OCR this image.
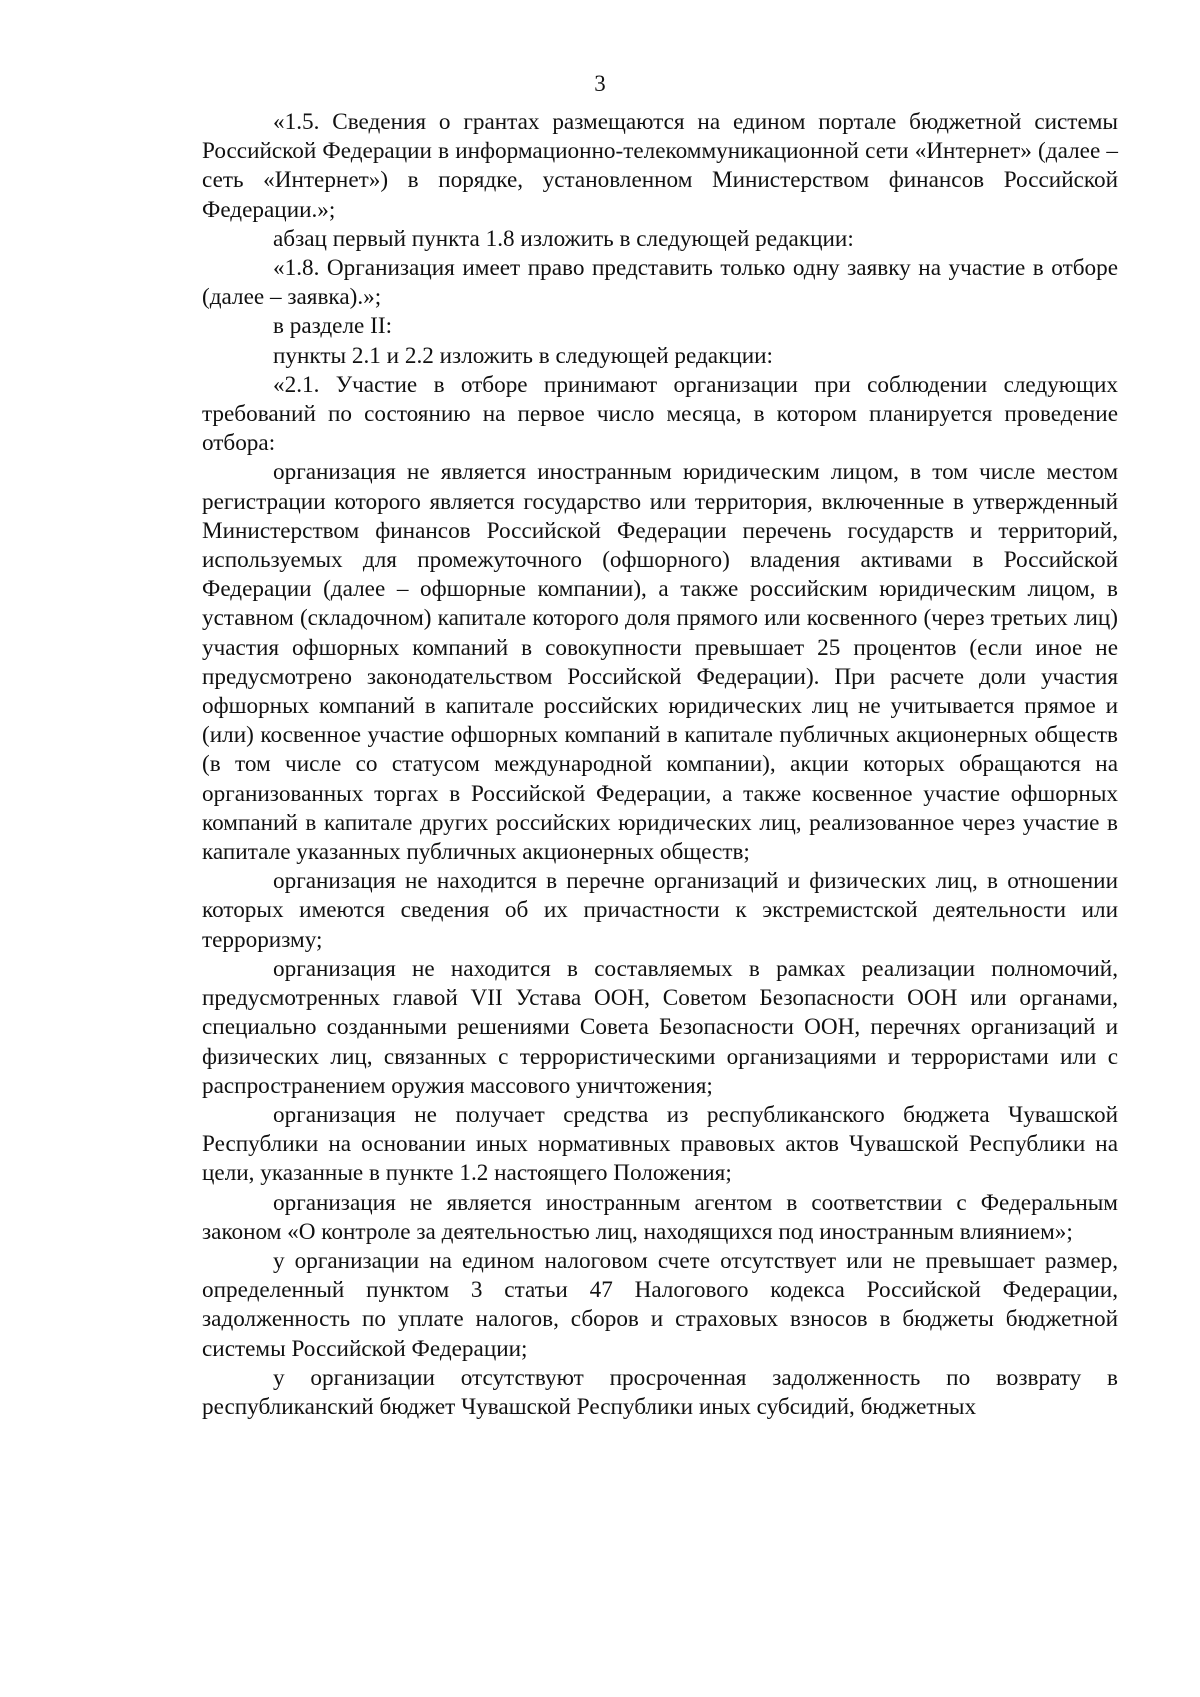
3

«1.5. Сведения о грантах размещаются на едином портале бюджетной системы Российской Федерации в информационно-телекоммуникационной сети «Интернет» (далее – сеть «Интернет») в порядке, установленном Министерством финансов Российской Федерации.»;

абзац первый пункта 1.8 изложить в следующей редакции:

«1.8. Организация имеет право представить только одну заявку на участие в отборе (далее – заявка).»;

в разделе II:

пункты 2.1 и 2.2 изложить в следующей редакции:

«2.1. Участие в отборе принимают организации при соблюдении следующих требований по состоянию на первое число месяца, в котором планируется проведение отбора:

организация не является иностранным юридическим лицом, в том числе местом регистрации которого является государство или территория, включенные в утвержденный Министерством финансов Российской Федерации перечень государств и территорий, используемых для промежуточного (офшорного) владения активами в Российской Федерации (далее – офшорные компании), а также российским юридическим лицом, в уставном (складочном) капитале которого доля прямого или косвенного (через третьих лиц) участия офшорных компаний в совокупности превышает 25 процентов (если иное не предусмотрено законодательством Российской Федерации). При расчете доли участия офшорных компаний в капитале российских юридических лиц не учитывается прямое и (или) косвенное участие офшорных компаний в капитале публичных акционерных обществ (в том числе со статусом международной компании), акции которых обращаются на организованных торгах в Российской Федерации, а также косвенное участие офшорных компаний в капитале других российских юридических лиц, реализованное через участие в капитале указанных публичных акционерных обществ;

организация не находится в перечне организаций и физических лиц, в отношении которых имеются сведения об их причастности к экстремистской деятельности или терроризму;

организация не находится в составляемых в рамках реализации полномочий, предусмотренных главой VII Устава ООН, Советом Безопасности ООН или органами, специально созданными решениями Совета Безопасности ООН, перечнях организаций и физических лиц, связанных с террористическими организациями и террористами или с распространением оружия массового уничтожения;

организация не получает средства из республиканского бюджета Чувашской Республики на основании иных нормативных правовых актов Чувашской Республики на цели, указанные в пункте 1.2 настоящего Положения;

организация не является иностранным агентом в соответствии с Федеральным законом «О контроле за деятельностью лиц, находящихся под иностранным влиянием»;

у организации на едином налоговом счете отсутствует или не превышает размер, определенный пунктом 3 статьи 47 Налогового кодекса Российской Федерации, задолженность по уплате налогов, сборов и страховых взносов в бюджеты бюджетной системы Российской Федерации;

у организации отсутствуют просроченная задолженность по возврату в республиканский бюджет Чувашской Республики иных субсидий, бюджетных
